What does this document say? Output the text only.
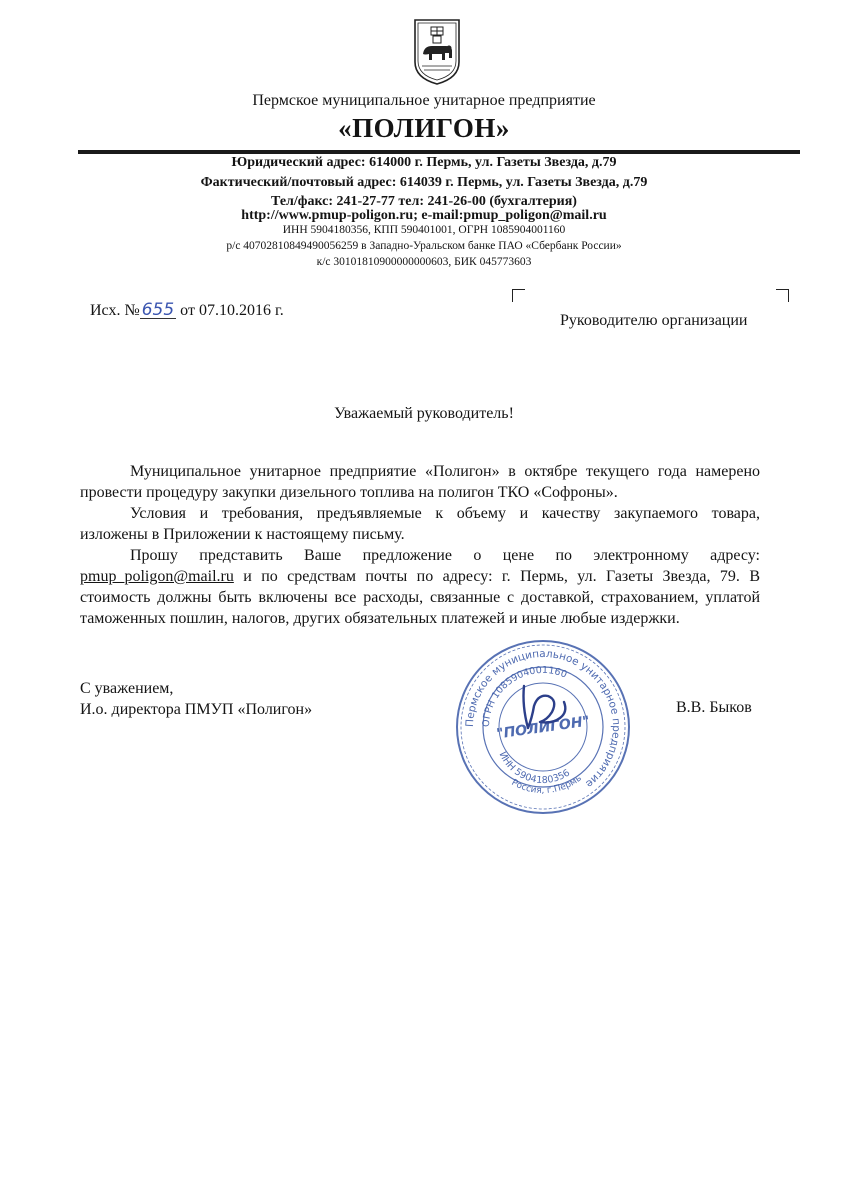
Пермское муниципальное унитарное предприятие
«ПОЛИГОН»
Юридический адрес: 614000 г. Пермь, ул. Газеты Звезда, д.79
Фактический/почтовый адрес: 614039 г. Пермь, ул. Газеты Звезда, д.79
Тел/факс: 241-27-77 тел: 241-26-00 (бухгалтерия)
http://www.pmup-poligon.ru; e-mail:pmup_poligon@mail.ru
ИНН 5904180356, КПП 590401001, ОГРН 1085904001160
р/с 40702810849490056259 в Западно-Уральском банке ПАО «Сбербанк России»
к/с 30101810900000000603, БИК 045773603
Исх. № 655 от 07.10.2016 г.
Руководителю организации
Уважаемый руководитель!
Муниципальное унитарное предприятие «Полигон» в октябре текущего года намерено
провести процедуру закупки дизельного топлива на полигон ТКО «Софроны».
Условия и требования, предъявляемые к объему и качеству закупаемого товара,
изложены в Приложении к настоящему письму.
Прошу представить Ваше предложение о цене по электронному адресу:
pmup_poligon@mail.ru и по средствам почты по адресу: г. Пермь, ул. Газеты Звезда, 79. В
стоимость должны быть включены все расходы, связанные с доставкой, страхованием, уплатой
таможенных пошлин, налогов, других обязательных платежей и иные любые издержки.
С уважением,
И.о. директора ПМУП «Полигон»	В.В. Быков
Пермское муниципальное унитарное предприятие
ОГРН 1085904001160
ИНН 5904180356
Россия, г.Пермь
"ПОЛИГОН"
